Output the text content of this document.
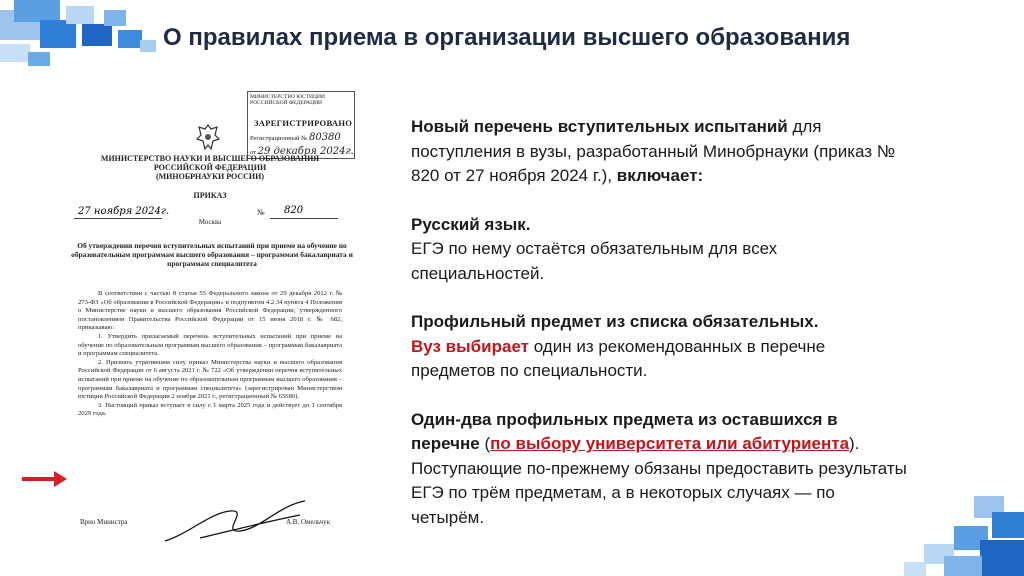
О правилах приема в организации высшего образования
МИНИСТЕРСТВО ЮСТИЦИИ РОССИЙСКОЙ ФЕДЕРАЦИИ
ЗАРЕГИСТРИРОВАНО
Регистрационный № 80380
от 29 декабря 2024г.
МИНИСТЕРСТВО НАУКИ И ВЫСШЕГО ОБРАЗОВАНИЯ
РОССИЙСКОЙ ФЕДЕРАЦИИ
(МИНОБРНАУКИ РОССИИ)
ПРИКАЗ
27 ноября 2024г.	№ 820
Москва
Об утверждении перечня вступительных испытаний при приеме на обучение по образовательным программам высшего образования – программам бакалавриата и программам специалитета

В соответствии с частью 8 статьи 55 Федерального закона от 29 декабря 2012 г. № 273-ФЗ «Об образовании в Российской Федерации» и подпунктом 4.2.34 пункта 4 Положения о Министерстве науки и высшего образования Российской Федерации, утвержденного постановлением Правительства Российской Федерации от 15 июня 2018 г. № 682, приказываю:

1. Утвердить прилагаемый перечень вступительных испытаний при приеме на обучение по образовательным программам высшего образования – программам бакалавриата и программам специалитета.

2. Признать утратившим силу приказ Министерства науки и высшего образования Российской Федерации от 6 августа 2021 г. № 722 «Об утверждении перечня вступительных испытаний при приеме на обучение по образовательным программам высшего образования – программам бакалавриата и программам специалитета» (зарегистрирован Министерством юстиции Российской Федерации 2 ноября 2021 г., регистрационный № 65680).

3. Настоящий приказ вступает в силу с 1 марта 2025 года и действует до 1 сентября 2029 года.

Врио Министра	А.В. Омельчук

Новый перечень вступительных испытаний для поступления в вузы, разработанный Минобрнауки (приказ № 820 от 27 ноября 2024 г.), включает:

Русский язык.
ЕГЭ по нему остаётся обязательным для всех специальностей.

Профильный предмет из списка обязательных.
Вуз выбирает один из рекомендованных в перечне предметов по специальности.

Один-два профильных предмета из оставшихся в перечне (по выбору университета или абитуриента).
Поступающие по-прежнему обязаны предоставить результаты ЕГЭ по трём предметам, а в некоторых случаях — по четырём.
